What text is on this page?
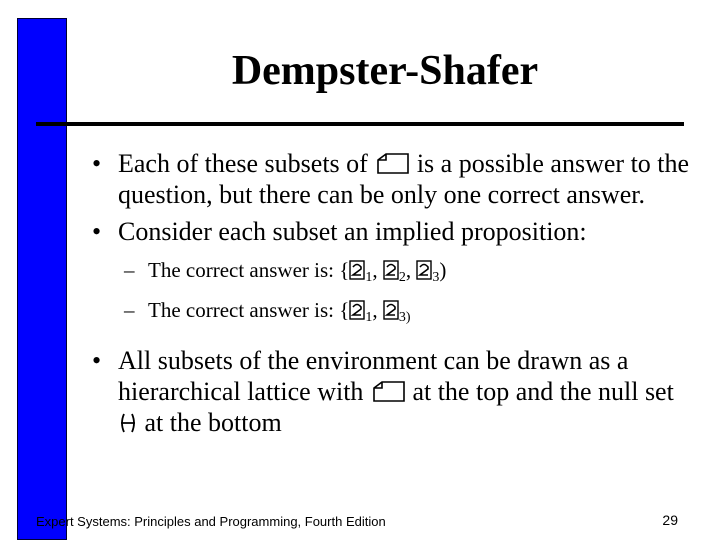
Dempster-Shafer
• Each of these subsets of is a possible answer to the question, but there can be only one correct answer.
• Consider each subset an implied proposition:
– The correct answer is: { 1,
2,
3)
– The correct answer is: { 1,
3)
• All subsets of the environment can be drawn as a hierarchical lattice with at the top and the null set
at the bottom
Expert Systems: Principles and Programming, Fourth Edition	29
